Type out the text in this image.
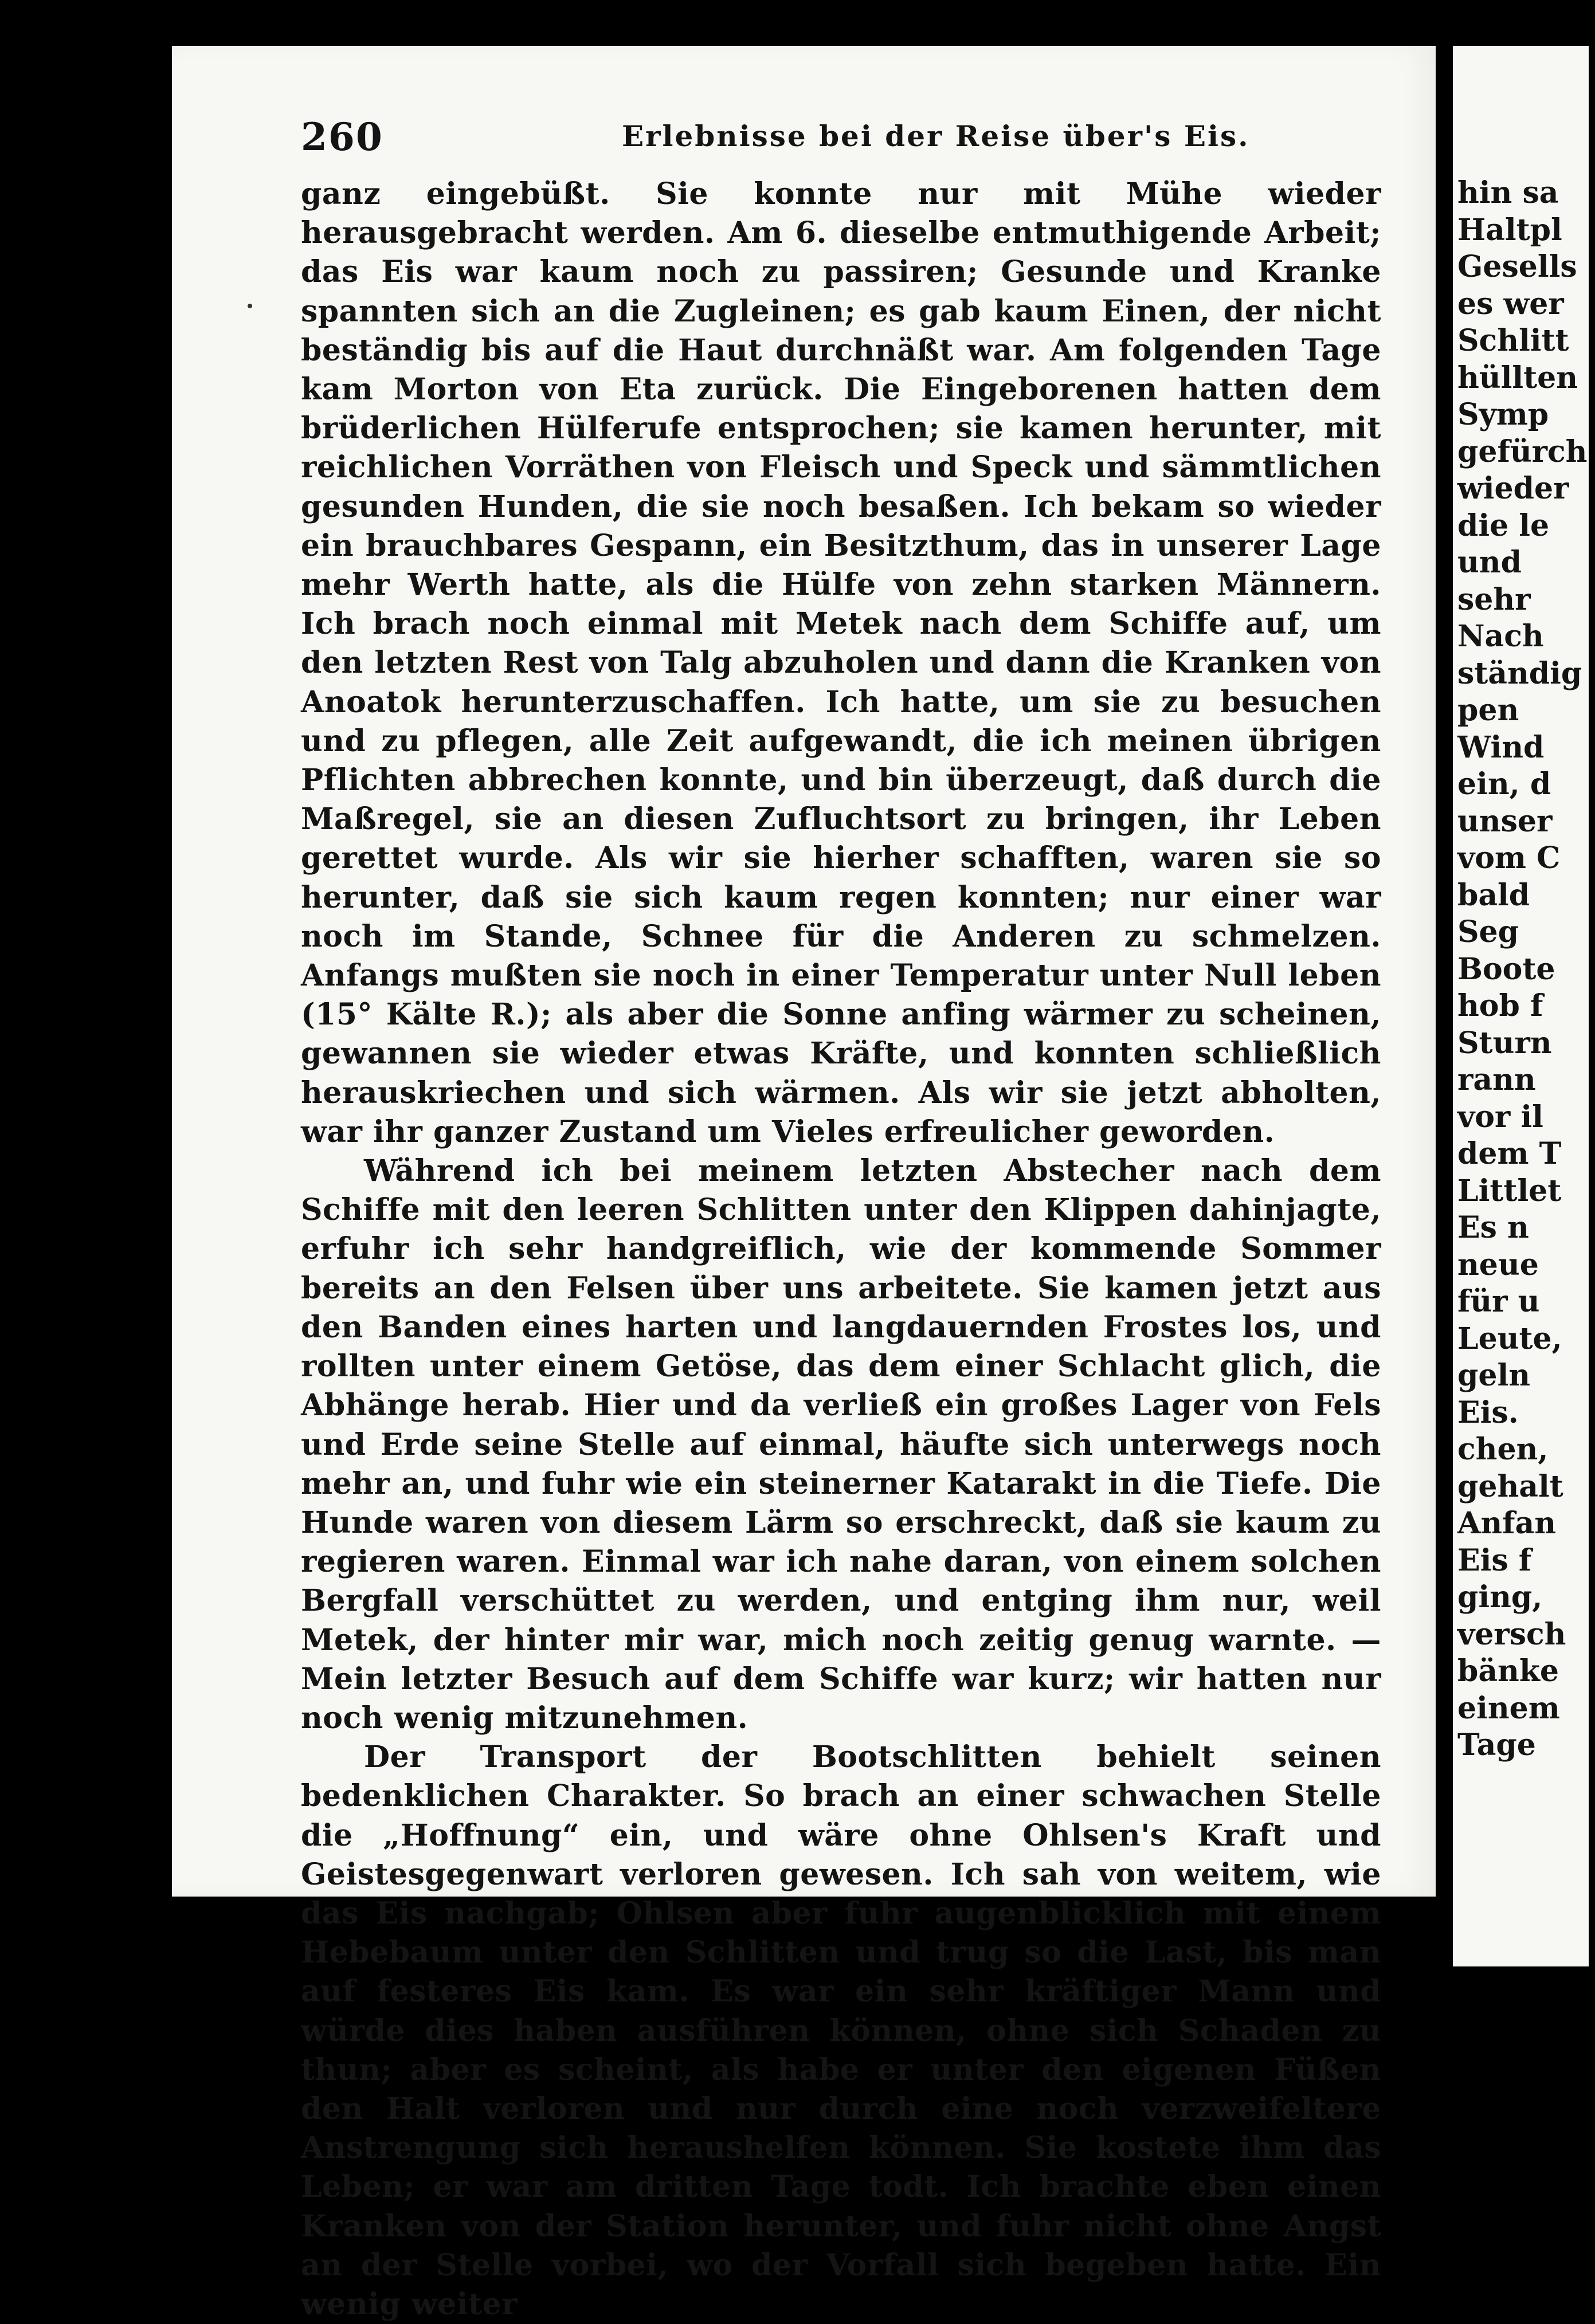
260	Erlebnisse bei der Reise über's Eis.

ganz eingebüßt. Sie konnte nur mit Mühe wieder herausgebracht werden. Am 6. dieselbe entmuthigende Arbeit; das Eis war kaum noch zu passiren; Gesunde und Kranke spannten sich an die Zugleinen; es gab kaum Einen, der nicht beständig bis auf die Haut durchnäßt war. Am folgenden Tage kam Morton von Eta zurück. Die Eingeborenen hatten dem brüderlichen Hülferufe entsprochen; sie kamen herunter, mit reichlichen Vorräthen von Fleisch und Speck und sämmtlichen gesunden Hunden, die sie noch besaßen. Ich bekam so wieder ein brauchbares Gespann, ein Besitzthum, das in unserer Lage mehr Werth hatte, als die Hülfe von zehn starken Männern. Ich brach noch einmal mit Metek nach dem Schiffe auf, um den letzten Rest von Talg abzuholen und dann die Kranken von Anoatok herunterzuschaffen. Ich hatte, um sie zu besuchen und zu pflegen, alle Zeit aufgewandt, die ich meinen übrigen Pflichten abbrechen konnte, und bin überzeugt, daß durch die Maßregel, sie an diesen Zufluchtsort zu bringen, ihr Leben gerettet wurde. Als wir sie hierher schafften, waren sie so herunter, daß sie sich kaum regen konnten; nur einer war noch im Stande, Schnee für die Anderen zu schmelzen. Anfangs mußten sie noch in einer Temperatur unter Null leben (15° Kälte R.); als aber die Sonne anfing wärmer zu scheinen, gewannen sie wieder etwas Kräfte, und konnten schließlich herauskriechen und sich wärmen. Als wir sie jetzt abholten, war ihr ganzer Zustand um Vieles erfreulicher geworden.

Während ich bei meinem letzten Abstecher nach dem Schiffe mit den leeren Schlitten unter den Klippen dahinjagte, erfuhr ich sehr handgreiflich, wie der kommende Sommer bereits an den Felsen über uns arbeitete. Sie kamen jetzt aus den Banden eines harten und langdauernden Frostes los, und rollten unter einem Getöse, das dem einer Schlacht glich, die Abhänge herab. Hier und da verließ ein großes Lager von Fels und Erde seine Stelle auf einmal, häufte sich unterwegs noch mehr an, und fuhr wie ein steinerner Katarakt in die Tiefe. Die Hunde waren von diesem Lärm so erschreckt, daß sie kaum zu regieren waren. Einmal war ich nahe daran, von einem solchen Bergfall verschüttet zu werden, und entging ihm nur, weil Metek, der hinter mir war, mich noch zeitig genug warnte. — Mein letzter Besuch auf dem Schiffe war kurz; wir hatten nur noch wenig mitzunehmen.

Der Transport der Bootschlitten behielt seinen bedenklichen Charakter. So brach an einer schwachen Stelle die „Hoffnung“ ein, und wäre ohne Ohlsen's Kraft und Geistesgegenwart verloren gewesen. Ich sah von weitem, wie das Eis nachgab; Ohlsen aber fuhr augenblicklich mit einem Hebebaum unter den Schlitten und trug so die Last, bis man auf festeres Eis kam. Es war ein sehr kräftiger Mann und würde dies haben ausführen können, ohne sich Schaden zu thun; aber es scheint, als habe er unter den eigenen Füßen den Halt verloren und nur durch eine noch verzweifeltere Anstrengung sich heraushelfen können. Sie kostete ihm das Leben; er war am dritten Tage todt. Ich brachte eben einen Kranken von der Station herunter, und fuhr nicht ohne Angst an der Stelle vorbei, wo der Vorfall sich begeben hatte. Ein wenig weiter

hin sa
Haltpl
Gesells
es wer
Schlitt
hüllten
Symp
gefürch
wieder
die le
und
sehr
Nach
ständig
pen
Wind
ein, d
unser
vom C
bald
Seg
Boote
hob f
Sturn
rann
vor il
dem T
Littlet
Es n
neue
für u
Leute,
geln
Eis.
chen,
gehalt
Anfan
Eis f
ging,
versch
bänke
einem
Tage
